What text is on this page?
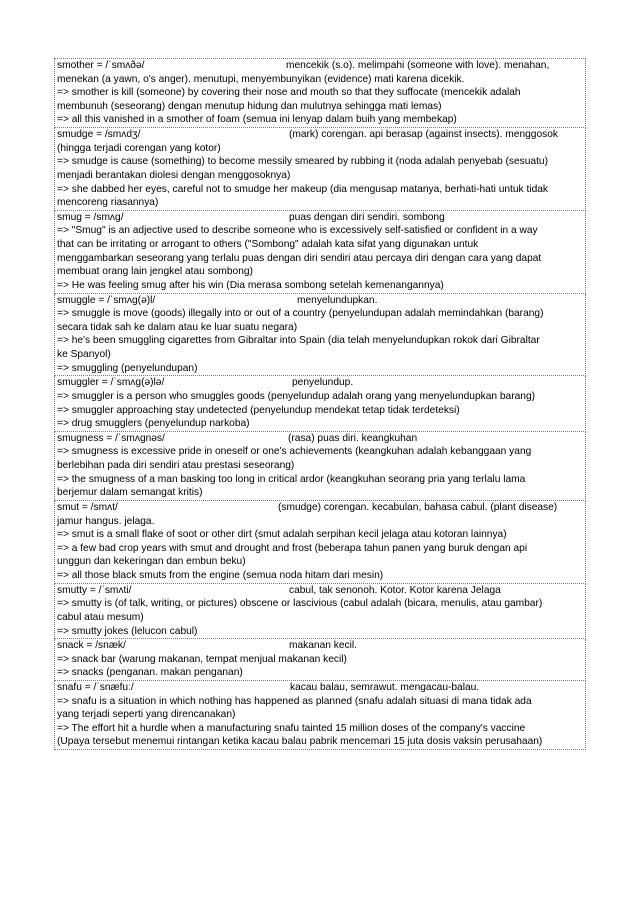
smother = /ˈsmʌðə/	mencekik (s.o). melimpahi (someone with love). menahan,
menekan (a yawn, o's anger). menutupi, menyembunyikan (evidence) mati karena dicekik.
=> smother is kill (someone) by covering their nose and mouth so that they suffocate (mencekik adalah
membunuh (seseorang) dengan menutup hidung dan mulutnya sehingga mati lemas)
=> all this vanished in a smother of foam (semua ini lenyap dalam buih yang membekap)
smudge = /smʌdʒ/	(mark) corengan. api berasap (against insects). menggosok
(hingga terjadi corengan yang kotor)
=> smudge is cause (something) to become messily smeared by rubbing it (noda adalah penyebab (sesuatu)
menjadi berantakan diolesi dengan menggosoknya)
=> she dabbed her eyes, careful not to smudge her makeup (dia mengusap matanya, berhati-hati untuk tidak
mencoreng riasannya)
smug = /smʌg/	puas dengan diri sendiri. sombong
=> "Smug" is an adjective used to describe someone who is excessively self-satisfied or confident in a way
that can be irritating or arrogant to others ("Sombong" adalah kata sifat yang digunakan untuk
menggambarkan seseorang yang terlalu puas dengan diri sendiri atau percaya diri dengan cara yang dapat
membuat orang lain jengkel atau sombong)
=> He was feeling smug after his win (Dia merasa sombong setelah kemenangannya)
smuggle = /ˈsmʌɡ(ə)l/	menyelundupkan.
=> smuggle is move (goods) illegally into or out of a country (penyelundupan adalah memindahkan (barang)
secara tidak sah ke dalam atau ke luar suatu negara)
=> he's been smuggling cigarettes from Gibraltar into Spain (dia telah menyelundupkan rokok dari Gibraltar
ke Spanyol)
=> smuggling (penyelundupan)
smuggler = /ˈsmʌɡ(ə)lə/	penyelundup.
=> smuggler is a person who smuggles goods (penyelundup adalah orang yang menyelundupkan barang)
=> smuggler approaching stay undetected (penyelundup mendekat tetap tidak terdeteksi)
=> drug smugglers (penyelundup narkoba)
smugness = /ˈsmʌɡnəs/	(rasa) puas diri. keangkuhan
=> smugness is excessive pride in oneself or one's achievements (keangkuhan adalah kebanggaan yang
berlebihan pada diri sendiri atau prestasi seseorang)
=> the smugness of a man basking too long in critical ardor (keangkuhan seorang pria yang terlalu lama
berjemur dalam semangat kritis)
smut = /smʌt/	(smudge) corengan. kecabulan, bahasa cabul. (plant disease)
jamur hangus. jelaga.
=> smut is a small flake of soot or other dirt (smut adalah serpihan kecil jelaga atau kotoran lainnya)
=> a few bad crop years with smut and drought and frost (beberapa tahun panen yang buruk dengan api
unggun dan kekeringan dan embun beku)
=> all those black smuts from the engine (semua noda hitam dari mesin)
smutty = /ˈsmʌti/	cabul, tak senonoh. Kotor. Kotor karena Jelaga
=> smutty is (of talk, writing, or pictures) obscene or lascivious (cabul adalah (bicara, menulis, atau gambar)
cabul atau mesum)
=> smutty jokes (lelucon cabul)
snack = /snæk/	makanan kecil.
=> snack bar (warung makanan, tempat menjual makanan kecil)
=> snacks (penganan. makan penganan)
snafu = /ˈsnæfuː/	kacau balau, semrawut. mengacau-balau.
=> snafu is a situation in which nothing has happened as planned (snafu adalah situasi di mana tidak ada
yang terjadi seperti yang direncanakan)
=> The effort hit a hurdle when a manufacturing snafu tainted 15 million doses of the company's vaccine
(Upaya tersebut menemui rintangan ketika kacau balau pabrik mencemari 15 juta dosis vaksin perusahaan)
